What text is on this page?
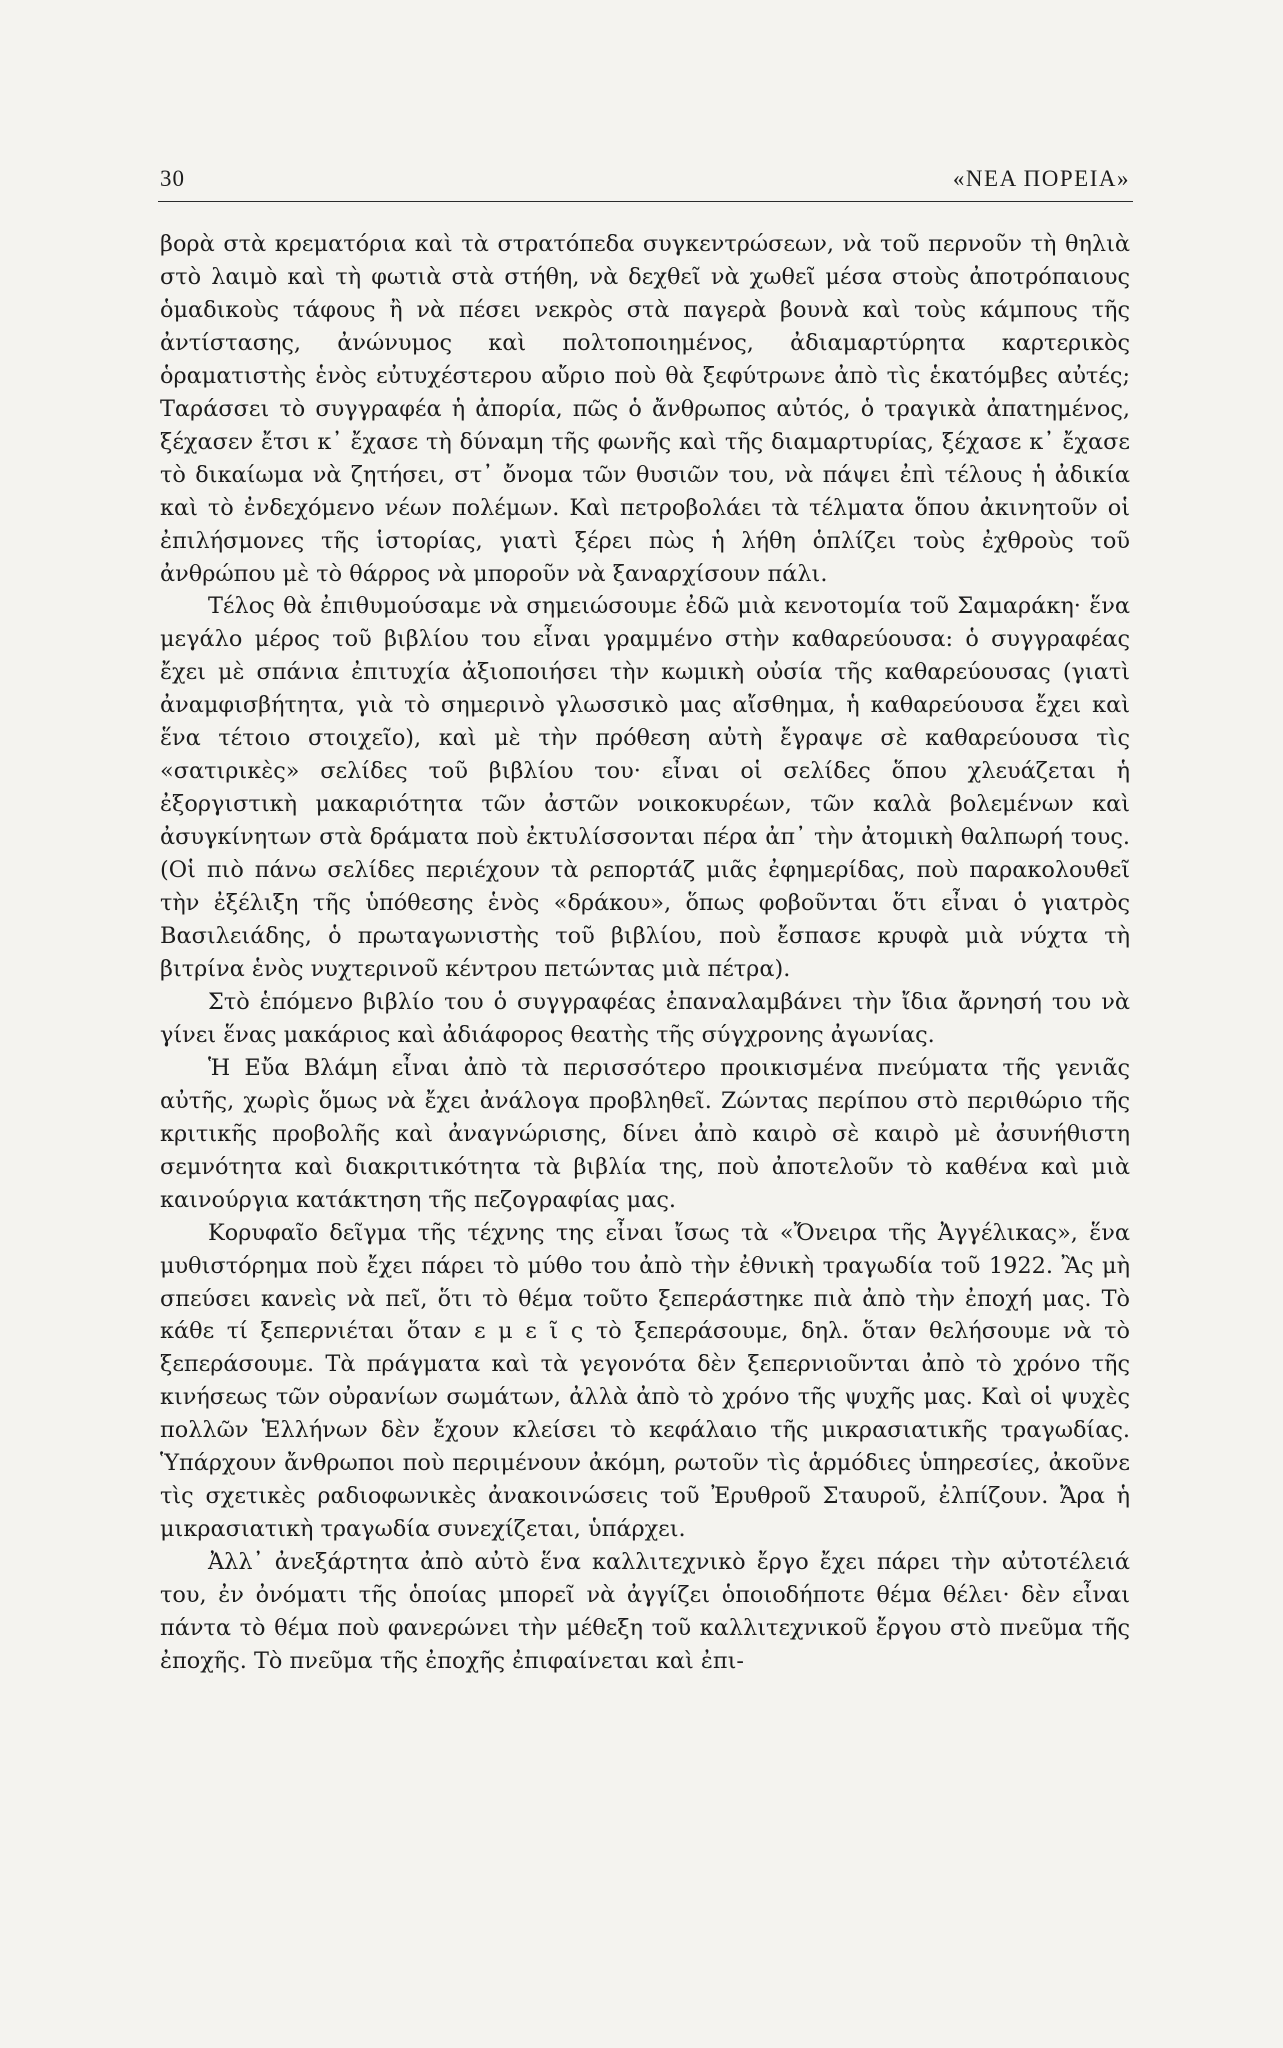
30	«ΝΕΑ ΠΟΡΕΙΑ»

βορὰ στὰ κρεματόρια καὶ τὰ στρατόπεδα συγκεντρώσεων, νὰ τοῦ περνοῦν τὴ θηλιὰ στὸ λαιμὸ καὶ τὴ φωτιὰ στὰ στήθη, νὰ δεχθεῖ νὰ χωθεῖ μέσα στοὺς ἀποτρόπαιους ὁμαδικοὺς τάφους ἢ νὰ πέσει νεκρὸς στὰ παγερὰ βουνὰ καὶ τοὺς κάμπους τῆς ἀντίστασης, ἀνώνυμος καὶ πολτοποιημένος, ἀδιαμαρτύρητα καρτερικὸς ὁραματιστὴς ἑνὸς εὐτυχέστερου αὔριο ποὺ θὰ ξεφύτρωνε ἀπὸ τὶς ἑκατόμβες αὐτές; Ταράσσει τὸ συγγραφέα ἡ ἀπορία, πῶς ὁ ἄνθρωπος αὐτός, ὁ τραγικὰ ἀπατημένος, ξέχασεν ἔτσι κ᾿ ἔχασε τὴ δύναμη τῆς φωνῆς καὶ τῆς διαμαρτυρίας, ξέχασε κ᾿ ἔχασε τὸ δικαίωμα νὰ ζητήσει, στ᾿ ὄνομα τῶν θυσιῶν του, νὰ πάψει ἐπὶ τέλους ἡ ἀδικία καὶ τὸ ἐνδεχόμενο νέων πολέμων. Καὶ πετροβολάει τὰ τέλματα ὅπου ἀκινητοῦν οἱ ἐπιλήσμονες τῆς ἱστορίας, γιατὶ ξέρει πὼς ἡ λήθη ὁπλίζει τοὺς ἐχθροὺς τοῦ ἀνθρώπου μὲ τὸ θάρρος νὰ μποροῦν νὰ ξαναρχίσουν πάλι.

Τέλος θὰ ἐπιθυμούσαμε νὰ σημειώσουμε ἐδῶ μιὰ κενοτομία τοῦ Σαμαράκη· ἕνα μεγάλο μέρος τοῦ βιβλίου του εἶναι γραμμένο στὴν καθαρεύουσα: ὁ συγγραφέας ἔχει μὲ σπάνια ἐπιτυχία ἀξιοποιήσει τὴν κωμικὴ οὐσία τῆς καθαρεύουσας (γιατὶ ἀναμφισβήτητα, γιὰ τὸ σημερινὸ γλωσσικὸ μας αἴσθημα, ἡ καθαρεύουσα ἔχει καὶ ἕνα τέτοιο στοιχεῖο), καὶ μὲ τὴν πρόθεση αὐτὴ ἔγραψε σὲ καθαρεύουσα τὶς «σατιρικὲς» σελίδες τοῦ βιβλίου του· εἶναι οἱ σελίδες ὅπου χλευάζεται ἡ ἐξοργιστικὴ μακαριότητα τῶν ἀστῶν νοικοκυρέων, τῶν καλὰ βολεμένων καὶ ἀσυγκίνητων στὰ δράματα ποὺ ἐκτυλίσσονται πέρα ἀπ᾿ τὴν ἀτομικὴ θαλπωρή τους. (Οἱ πιὸ πάνω σελίδες περιέχουν τὰ ρεπορτάζ μιᾶς ἐφημερίδας, ποὺ παρακολουθεῖ τὴν ἐξέλιξη τῆς ὑπόθεσης ἑνὸς «δράκου», ὅπως φοβοῦνται ὅτι εἶναι ὁ γιατρὸς Βασιλειάδης, ὁ πρωταγωνιστὴς τοῦ βιβλίου, ποὺ ἔσπασε κρυφὰ μιὰ νύχτα τὴ βιτρίνα ἑνὸς νυχτερινοῦ κέντρου πετώντας μιὰ πέτρα).

Στὸ ἑπόμενο βιβλίο του ὁ συγγραφέας ἐπαναλαμβάνει τὴν ἴδια ἄρνησή του νὰ γίνει ἕνας μακάριος καὶ ἀδιάφορος θεατὴς τῆς σύγχρονης ἀγωνίας.

Ἡ Εὔα Βλάμη εἶναι ἀπὸ τὰ περισσότερο προικισμένα πνεύματα τῆς γενιᾶς αὐτῆς, χωρὶς ὅμως νὰ ἔχει ἀνάλογα προβληθεῖ. Ζώντας περίπου στὸ περιθώριο τῆς κριτικῆς προβολῆς καὶ ἀναγνώρισης, δίνει ἀπὸ καιρὸ σὲ καιρὸ μὲ ἀσυνήθιστη σεμνότητα καὶ διακριτικότητα τὰ βιβλία της, ποὺ ἀποτελοῦν τὸ καθένα καὶ μιὰ καινούργια κατάκτηση τῆς πεζογραφίας μας.

Κορυφαῖο δεῖγμα τῆς τέχνης της εἶναι ἴσως τὰ «Ὄνειρα τῆς Ἀγγέλικας», ἕνα μυθιστόρημα ποὺ ἔχει πάρει τὸ μύθο του ἀπὸ τὴν ἐθνικὴ τραγωδία τοῦ 1922. Ἂς μὴ σπεύσει κανεὶς νὰ πεῖ, ὅτι τὸ θέμα τοῦτο ξεπεράστηκε πιὰ ἀπὸ τὴν ἐποχή μας. Τὸ κάθε τί ξεπερνιέται ὅταν ε μ ε ῖ ς τὸ ξεπεράσουμε, δηλ. ὅταν θελήσουμε νὰ τὸ ξεπεράσουμε. Τὰ πράγματα καὶ τὰ γεγονότα δὲν ξεπερνιοῦνται ἀπὸ τὸ χρόνο τῆς κινήσεως τῶν οὐρανίων σωμάτων, ἀλλὰ ἀπὸ τὸ χρόνο τῆς ψυχῆς μας. Καὶ οἱ ψυχὲς πολλῶν Ἑλλήνων δὲν ἔχουν κλείσει τὸ κεφάλαιο τῆς μικρασιατικῆς τραγωδίας. Ὑπάρχουν ἄνθρωποι ποὺ περιμένουν ἀκόμη, ρωτοῦν τὶς ἁρμόδιες ὑπηρεσίες, ἀκοῦνε τὶς σχετικὲς ραδιοφωνικὲς ἀνακοινώσεις τοῦ Ἐρυθροῦ Σταυροῦ, ἐλπίζουν. Ἄρα ἡ μικρασιατικὴ τραγωδία συνεχίζεται, ὑπάρχει.

Ἀλλ᾿ ἀνεξάρτητα ἀπὸ αὐτὸ ἕνα καλλιτεχνικὸ ἔργο ἔχει πάρει τὴν αὐτοτέλειά του, ἐν ὀνόματι τῆς ὁποίας μπορεῖ νὰ ἀγγίζει ὁποιοδήποτε θέμα θέλει· δὲν εἶναι πάντα τὸ θέμα ποὺ φανερώνει τὴν μέθεξη τοῦ καλλιτεχνικοῦ ἔργου στὸ πνεῦμα τῆς ἐποχῆς. Τὸ πνεῦμα τῆς ἐποχῆς ἐπιφαίνεται καὶ ἐπι-
